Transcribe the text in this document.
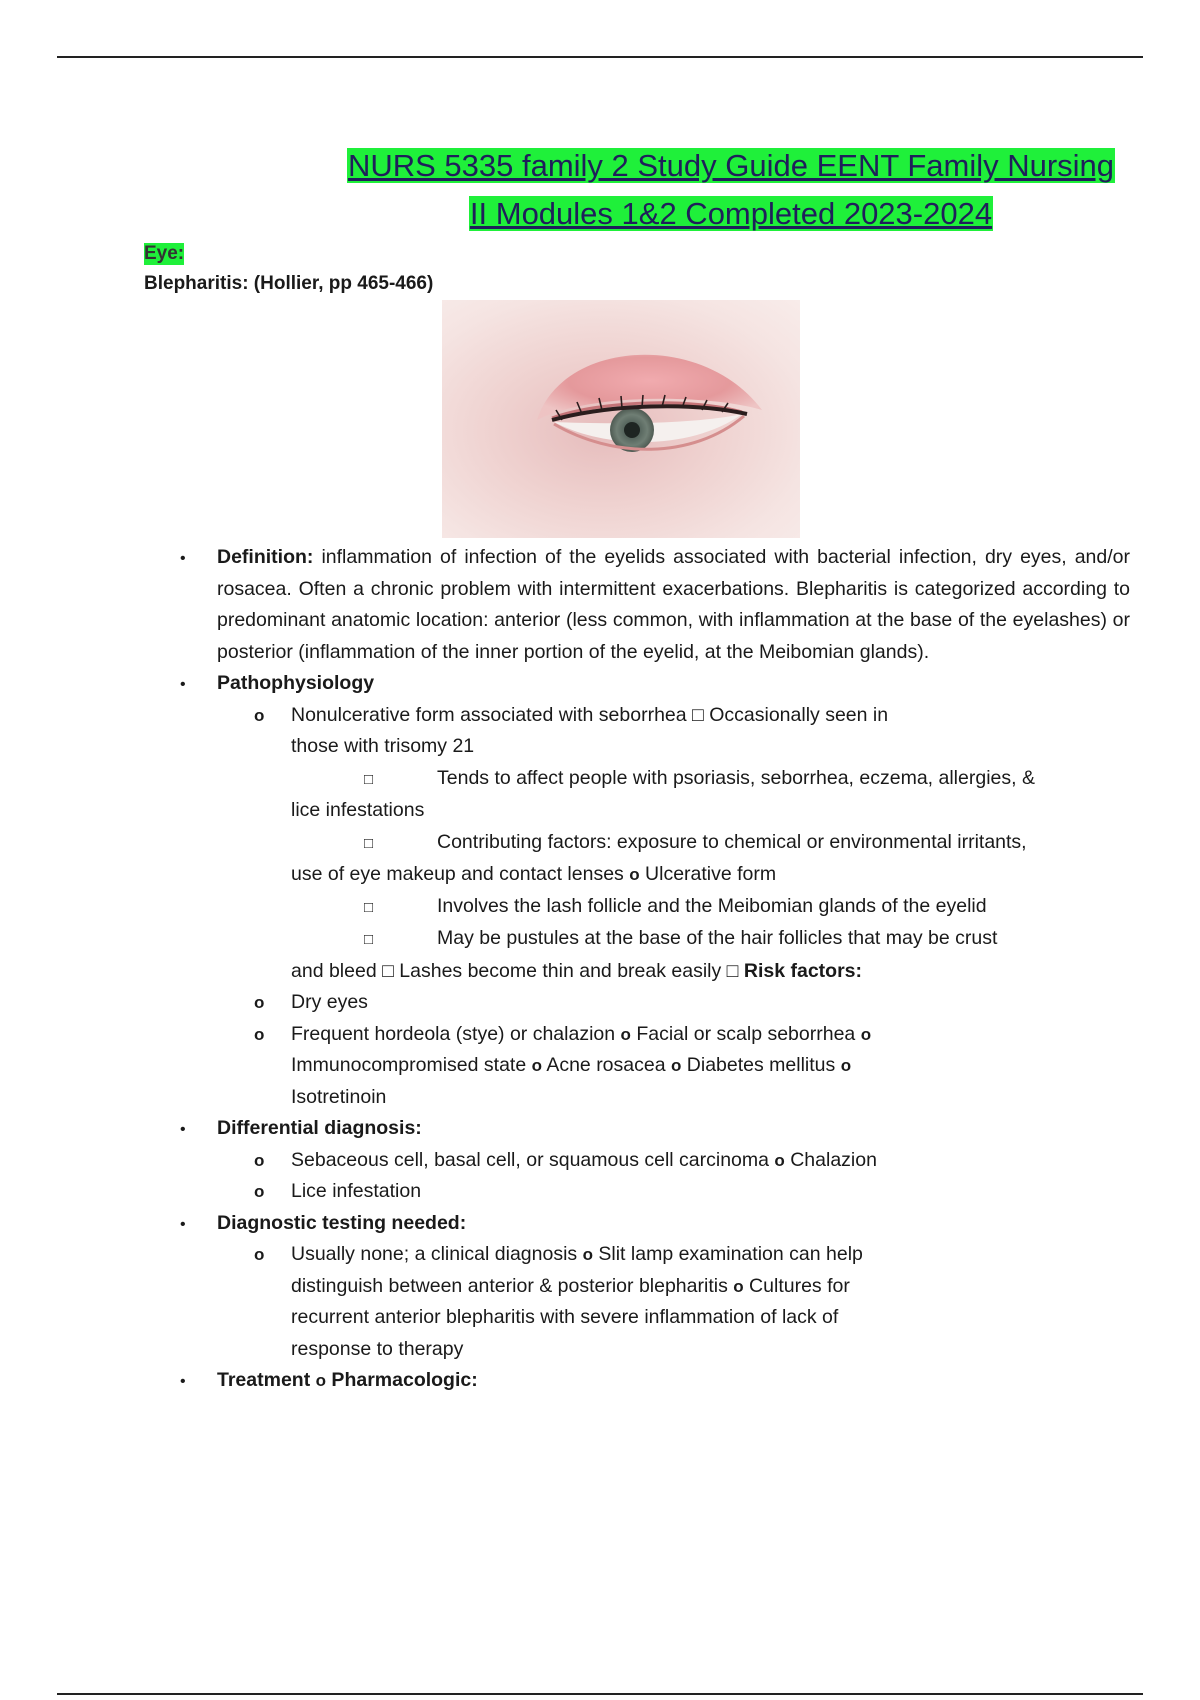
NURS 5335 family 2 Study Guide EENT Family Nursing
II Modules 1&2 Completed 2023-2024
Eye:
Blepharitis: (Hollier, pp 465-466)

•
Definition: inflammation of infection of the eyelids associated with bacterial infection, dry eyes, and/or rosacea. Often a chronic problem with intermittent exacerbations. Blepharitis is categorized according to predominant anatomic location: anterior (less common, with inflammation at the base of the eyelashes) or posterior (inflammation of the inner portion of the eyelid, at the Meibomian glands).

•
Pathophysiology

o Nonulcerative form associated with seborrhea □ Occasionally seen in
those with trisomy 21

□Tends to affect people with psoriasis, seborrhea, eczema, allergies, &
lice infestations

□Contributing factors: exposure to chemical or environmental irritants,
use of eye makeup and contact lenses o Ulcerative form

□Involves the lash follicle and the Meibomian glands of the eyelid

□May be pustules at the base of the hair follicles that may be crust
and bleed □ Lashes become thin and break easily □ Risk factors:

o Dry eyes
o Frequent hordeola (stye) or chalazion o Facial or scalp seborrhea o
Immunocompromised state o Acne rosacea o Diabetes mellitus o
Isotretinoin

•
Differential diagnosis:

o Sebaceous cell, basal cell, or squamous cell carcinoma o Chalazion
o Lice infestation

•
Diagnostic testing needed:

o Usually none; a clinical diagnosis o Slit lamp examination can help
distinguish between anterior & posterior blepharitis o Cultures for
recurrent anterior blepharitis with severe inflammation of lack of
response to therapy

•
Treatment o Pharmacologic:
